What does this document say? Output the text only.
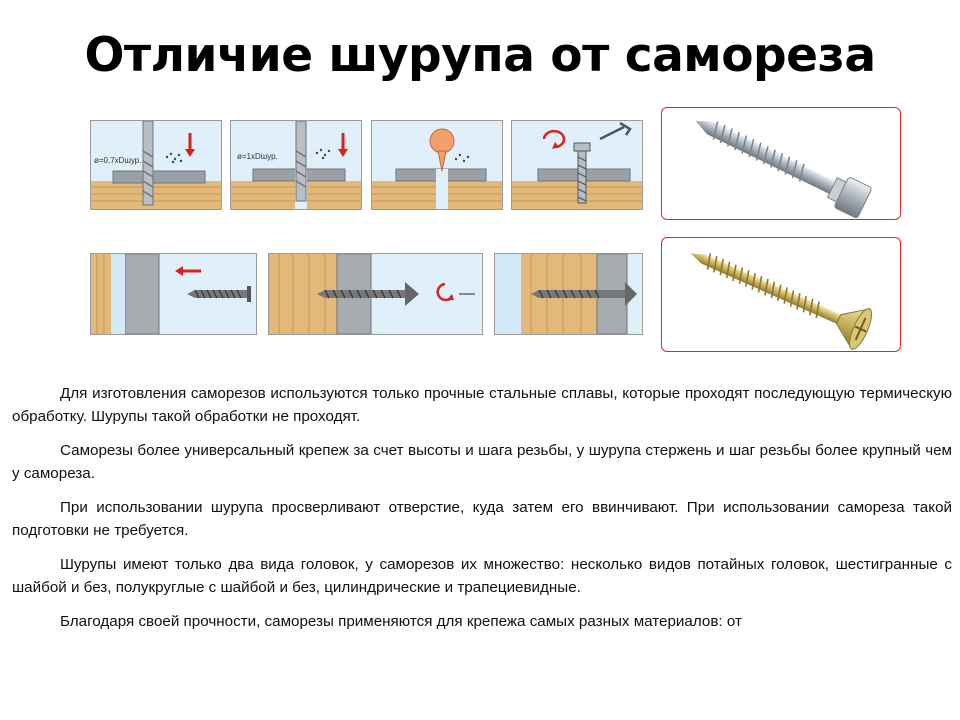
Отличие шурупа от самореза
ø=0,7xDшур.	ø=1xDшур.

Для изготовления саморезов используются только прочные стальные сплавы, которые проходят последующую термическую обработку. Шурупы такой обработки не проходят.

Саморезы более универсальный крепеж за счет высоты и шага резьбы, у шурупа стержень и шаг резьбы более крупный чем у самореза.

При использовании шурупа просверливают отверстие, куда затем его ввинчивают. При использовании самореза такой подготовки не требуется.

Шурупы имеют только два вида головок, у саморезов их множество: несколько видов потайных головок, шестигранные с шайбой и без, полукруглые с шайбой и без, цилиндрические и трапециевидные.

Благодаря своей прочности, саморезы применяются для крепежа самых разных материалов: от
